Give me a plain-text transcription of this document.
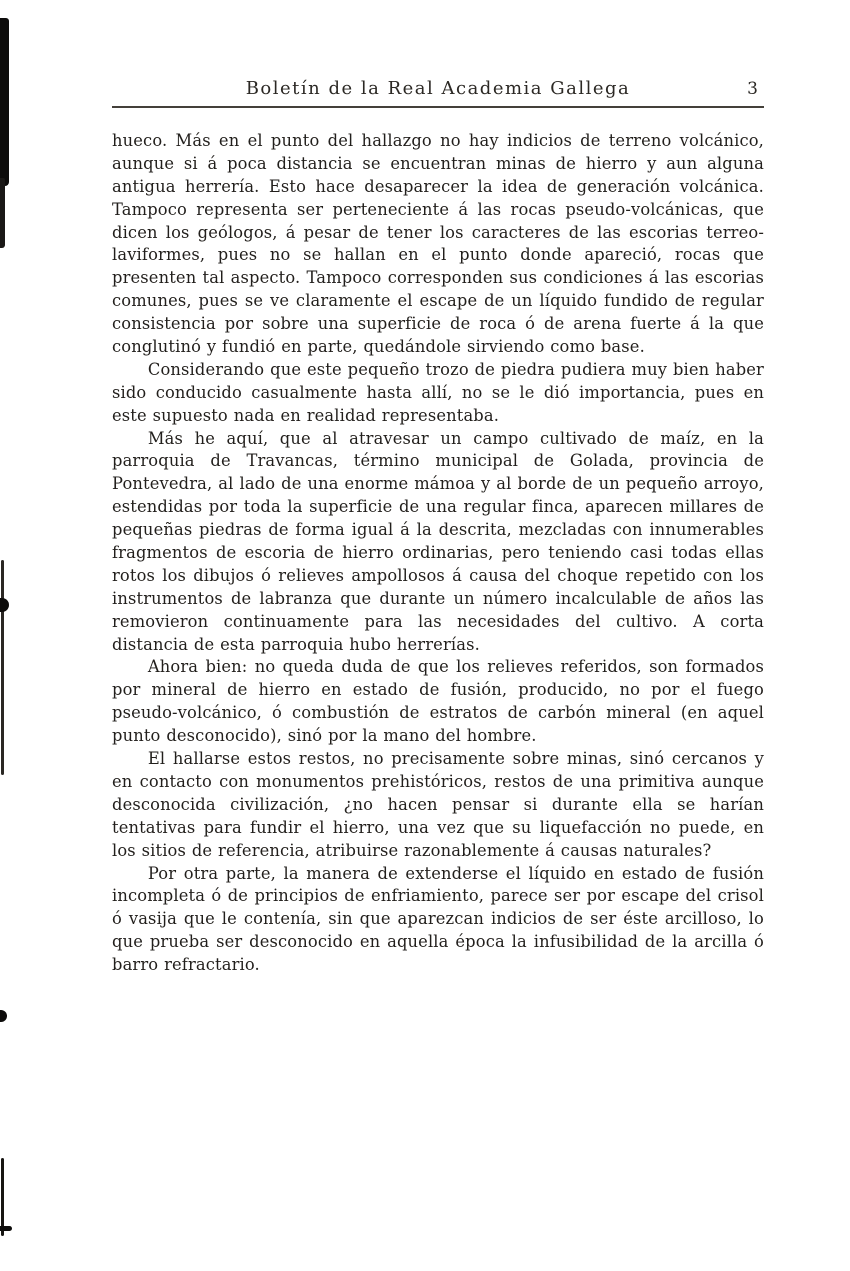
Boletín de la Real Academia Gallega	3

hueco. Más en el punto del hallazgo no hay indicios de terreno volcánico, aunque si á poca distancia se encuentran minas de hierro y aun alguna antigua herrería. Esto hace desaparecer la idea de generación volcánica. Tampoco representa ser perteneciente á las rocas pseudo-volcánicas, que dicen los geólogos, á pesar de tener los caracteres de las escorias terreo-laviformes, pues no se hallan en el punto donde apareció, rocas que presenten tal aspecto. Tampoco corresponden sus condiciones á las escorias comunes, pues se ve claramente el escape de un líquido fundido de regular consistencia por sobre una superficie de roca ó de arena fuerte á la que conglutinó y fundió en parte, quedándole sirviendo como base.

Considerando que este pequeño trozo de piedra pudiera muy bien haber sido conducido casualmente hasta allí, no se le dió importancia, pues en este supuesto nada en realidad representaba.

Más he aquí, que al atravesar un campo cultivado de maíz, en la parroquia de Travancas, término municipal de Golada, provincia de Pontevedra, al lado de una enorme mámoa y al borde de un pequeño arroyo, estendidas por toda la superficie de una regular finca, aparecen millares de pequeñas piedras de forma igual á la descrita, mezcladas con innumerables fragmentos de escoria de hierro ordinarias, pero teniendo casi todas ellas rotos los dibujos ó relieves ampollosos á causa del choque repetido con los instrumentos de labranza que durante un número incalculable de años las removieron continuamente para las necesidades del cultivo. A corta distancia de esta parroquia hubo herrerías.

Ahora bien: no queda duda de que los relieves referidos, son formados por mineral de hierro en estado de fusión, producido, no por el fuego pseudo-volcánico, ó combustión de estratos de carbón mineral (en aquel punto desconocido), sinó por la mano del hombre.

El hallarse estos restos, no precisamente sobre minas, sinó cercanos y en contacto con monumentos prehistóricos, restos de una primitiva aunque desconocida civilización, ¿no hacen pensar si durante ella se harían tentativas para fundir el hierro, una vez que su liquefacción no puede, en los sitios de referencia, atribuirse razonablemente á causas naturales?

Por otra parte, la manera de extenderse el líquido en estado de fusión incompleta ó de principios de enfriamiento, parece ser por escape del crisol ó vasija que le contenía, sin que aparezcan indicios de ser éste arcilloso, lo que prueba ser desconocido en aquella época la infusibilidad de la arcilla ó barro refractario.
